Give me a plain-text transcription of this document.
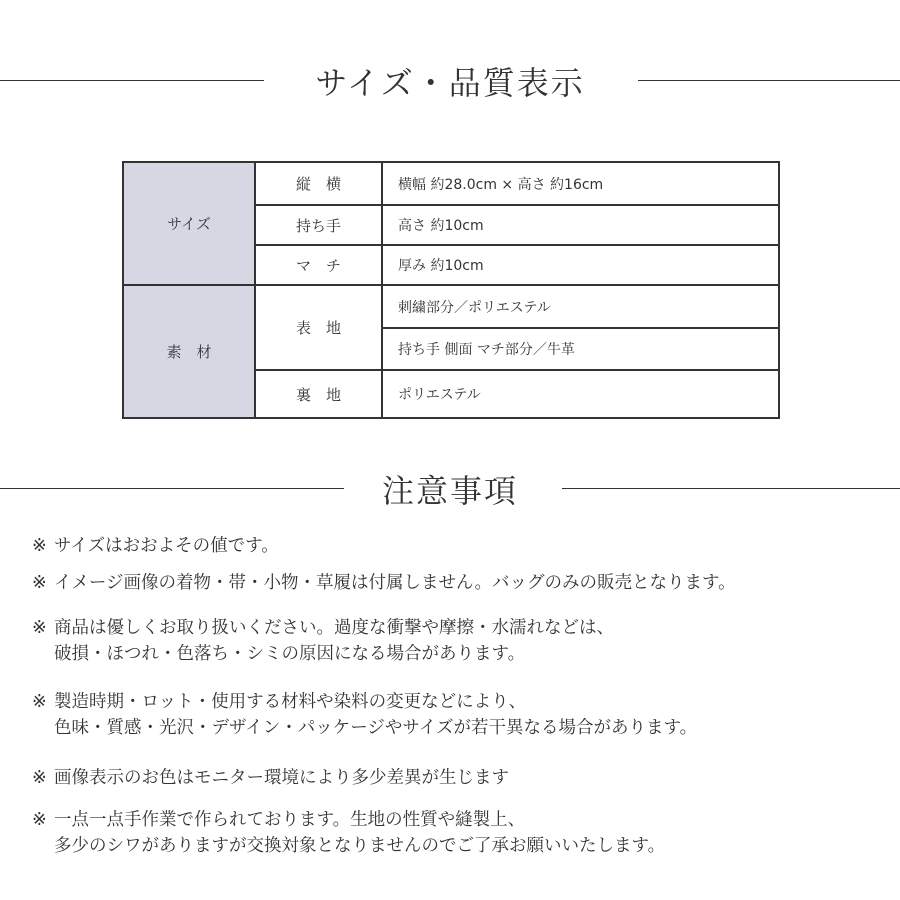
サイズ・品質表示
サイズ	縦　横	横幅 約28.0cm × 高さ 約16cm
	持ち手	高さ 約10cm
	マ　チ	厚み 約10cm
素　材	表　地	刺繍部分／ポリエステル
		持ち手 側面 マチ部分／牛革
	裏　地	ポリエステル
注意事項
※ サイズはおおよその値です。
※ イメージ画像の着物・帯・小物・草履は付属しません。バッグのみの販売となります。
※ 商品は優しくお取り扱いください。過度な衝撃や摩擦・水濡れなどは、
破損・ほつれ・色落ち・シミの原因になる場合があります。
※ 製造時期・ロット・使用する材料や染料の変更などにより、
色味・質感・光沢・デザイン・パッケージやサイズが若干異なる場合があります。
※ 画像表示のお色はモニター環境により多少差異が生じます
※ 一点一点手作業で作られております。生地の性質や縫製上、
多少のシワがありますが交換対象となりませんのでご了承お願いいたします。
